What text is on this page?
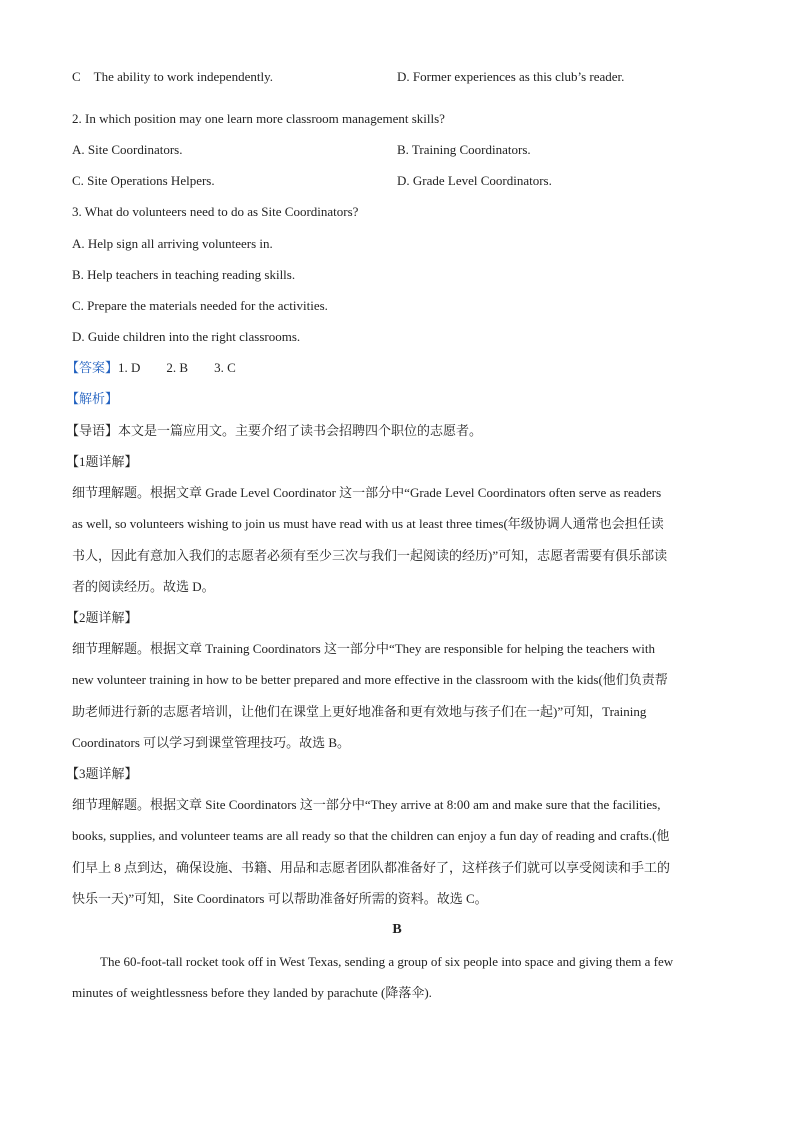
C　The ability to work independently.	D. Former experiences as this club’s reader.
2. In which position may one learn more classroom management skills?
A. Site Coordinators.	B. Training Coordinators.
C. Site Operations Helpers.	D. Grade Level Coordinators.
3. What do volunteers need to do as Site Coordinators?
A. Help sign all arriving volunteers in.
B. Help teachers in teaching reading skills.
C. Prepare the materials needed for the activities.
D. Guide children into the right classrooms.
【答案】1. D　　2. B　　3. C
【解析】
【导语】本文是一篇应用文。主要介绍了读书会招聘四个职位的志愿者。
【1题详解】
细节理解题。根据文章 Grade Level Coordinator 这一部分中“Grade Level Coordinators often serve as readers
as well, so volunteers wishing to join us must have read with us at least three times(年级协调人通常也会担任读
书人，因此有意加入我们的志愿者必须有至少三次与我们一起阅读的经历)”可知，志愿者需要有俱乐部读
者的阅读经历。故选 D。
【2题详解】
细节理解题。根据文章 Training Coordinators 这一部分中“They are responsible for helping the teachers with
new volunteer training in how to be better prepared and more effective in the classroom with the kids(他们负责帮
助老师进行新的志愿者培训，让他们在课堂上更好地准备和更有效地与孩子们在一起)”可知，Training
Coordinators 可以学习到课堂管理技巧。故选 B。
【3题详解】
细节理解题。根据文章 Site Coordinators 这一部分中“They arrive at 8:00 am and make sure that the facilities,
books, supplies, and volunteer teams are all ready so that the children can enjoy a fun day of reading and crafts.(他
们早上 8 点到达，确保设施、书籍、用品和志愿者团队都准备好了，这样孩子们就可以享受阅读和手工的
快乐一天)”可知，Site Coordinators 可以帮助准备好所需的资料。故选 C。
B
The 60-foot-tall rocket took off in West Texas, sending a group of six people into space and giving them a few
minutes of weightlessness before they landed by parachute (降落伞).
